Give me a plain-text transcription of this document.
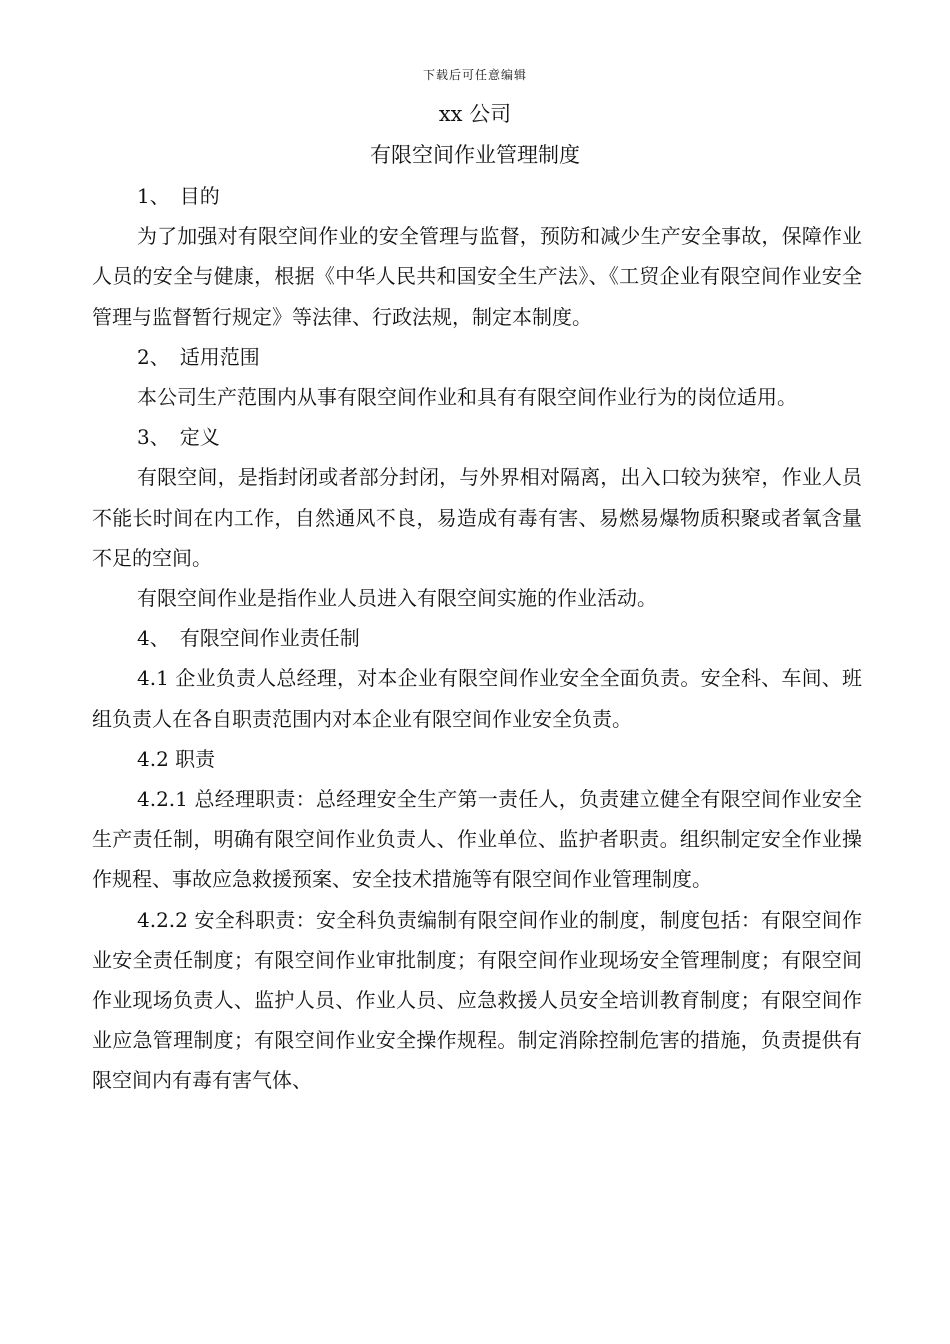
下载后可任意编辑
xx 公司
有限空间作业管理制度

1、　目的

为了加强对有限空间作业的安全管理与监督，预防和减少生产安全事故，保障作业人员的安全与健康，根据《中华人民共和国安全生产法》、《工贸企业有限空间作业安全管理与监督暂行规定》等法律、行政法规，制定本制度。

2、　适用范围

本公司生产范围内从事有限空间作业和具有有限空间作业行为的岗位适用。

3、　定义

有限空间，是指封闭或者部分封闭，与外界相对隔离，出入口较为狭窄，作业人员不能长时间在内工作，自然通风不良，易造成有毒有害、易燃易爆物质积聚或者氧含量不足的空间。

有限空间作业是指作业人员进入有限空间实施的作业活动。

4、　有限空间作业责任制

4.1 企业负责人总经理，对本企业有限空间作业安全全面负责。安全科、车间、班组负责人在各自职责范围内对本企业有限空间作业安全负责。

4.2 职责

4.2.1 总经理职责：总经理安全生产第一责任人，负责建立健全有限空间作业安全生产责任制，明确有限空间作业负责人、作业单位、监护者职责。组织制定安全作业操作规程、事故应急救援预案、安全技术措施等有限空间作业管理制度。

4.2.2 安全科职责：安全科负责编制有限空间作业的制度，制度包括：有限空间作业安全责任制度；有限空间作业审批制度；有限空间作业现场安全管理制度；有限空间作业现场负责人、监护人员、作业人员、应急救援人员安全培训教育制度；有限空间作业应急管理制度；有限空间作业安全操作规程。制定消除控制危害的措施，负责提供有限空间内有毒有害气体、
